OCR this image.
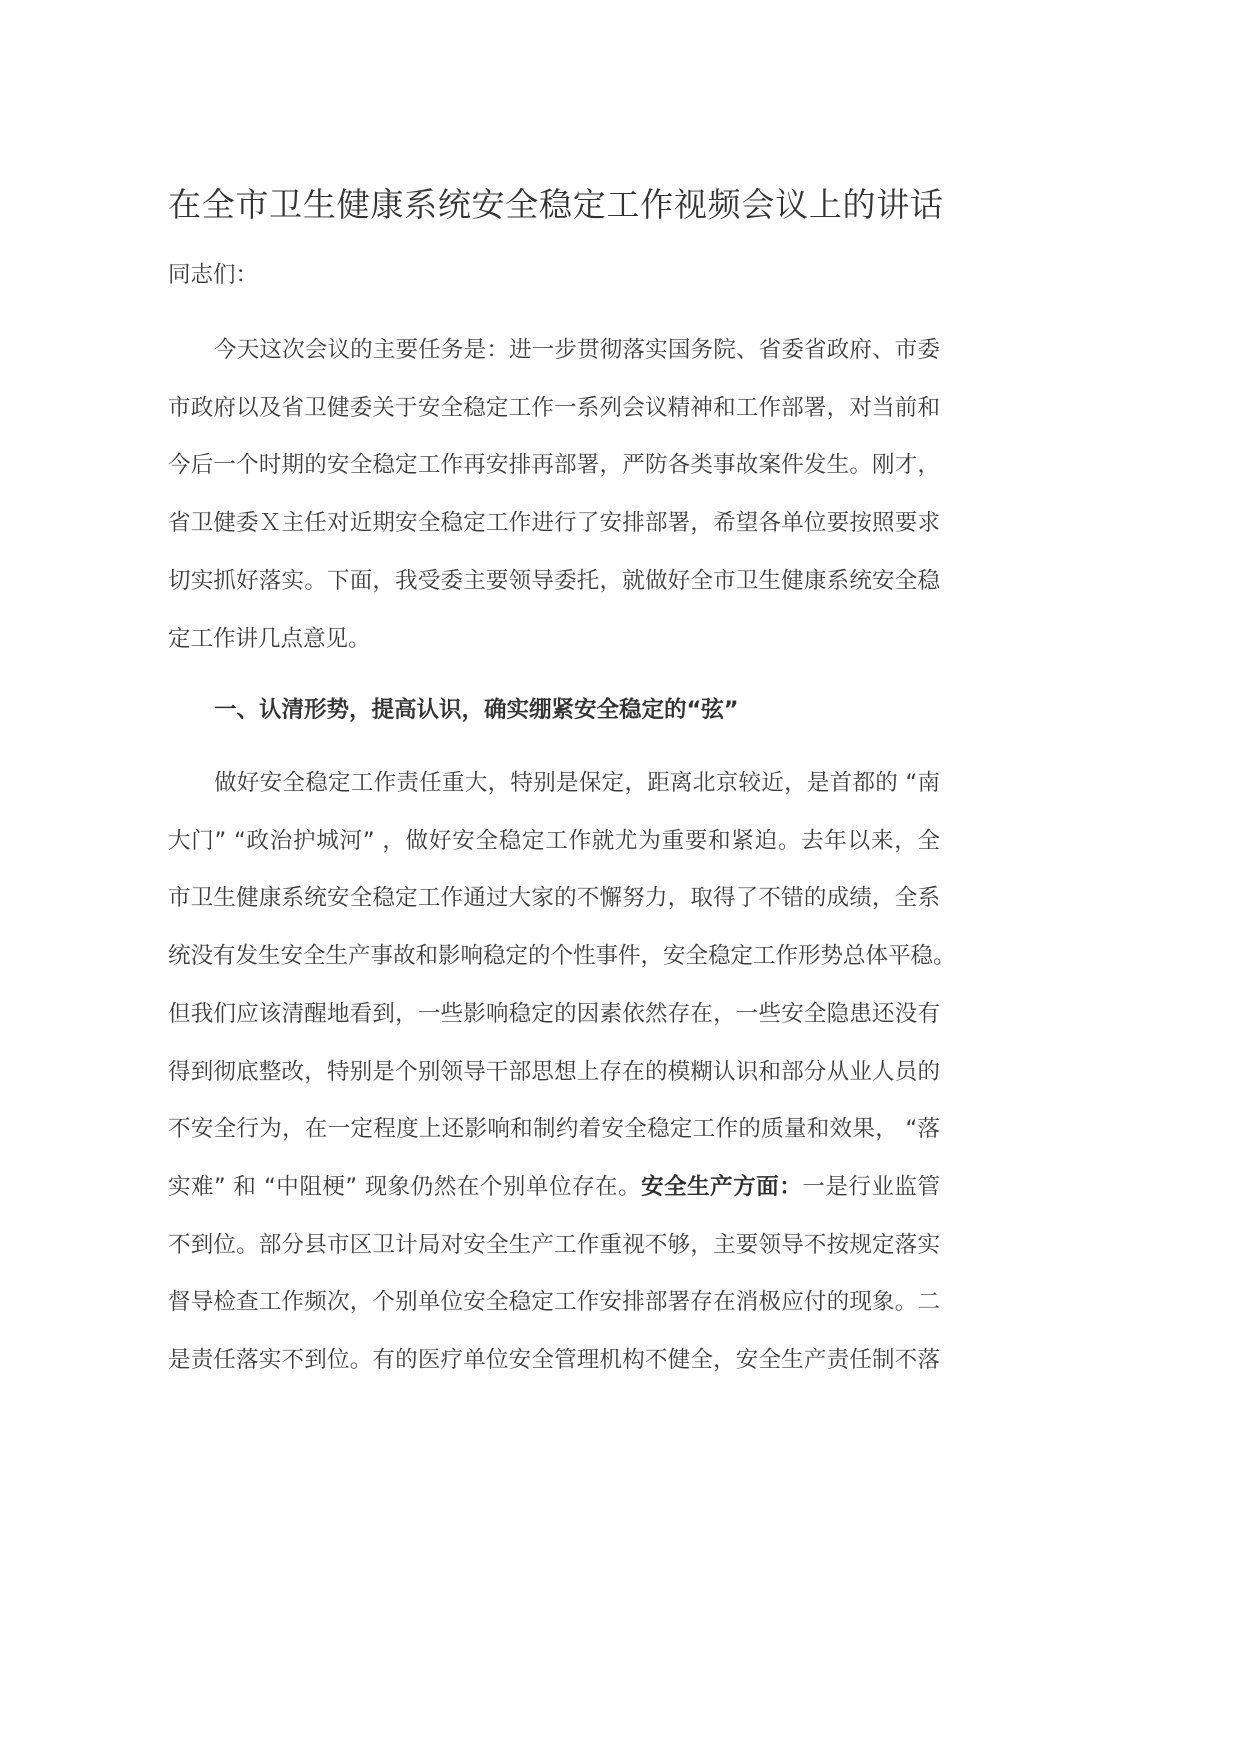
在全市卫生健康系统安全稳定工作视频会议上的讲话
同志们：
今天这次会议的主要任务是：进一步贯彻落实国务院、省委省政府、市委
市政府以及省卫健委关于安全稳定工作一系列会议精神和工作部署，对当前和
今后一个时期的安全稳定工作再安排再部署，严防各类事故案件发生。刚才，
省卫健委Ｘ主任对近期安全稳定工作进行了安排部署，希望各单位要按照要求
切实抓好落实。下面，我受委主要领导委托，就做好全市卫生健康系统安全稳
定工作讲几点意见。
一、认清形势，提高认识，确实绷紧安全稳定的“弦”
做好安全稳定工作责任重大，特别是保定，距离北京较近，是首都的 “南
大门” “政治护城河” ，做好安全稳定工作就尤为重要和紧迫。去年以来，全
市卫生健康系统安全稳定工作通过大家的不懈努力，取得了不错的成绩，全系
统没有发生安全生产事故和影响稳定的个性事件，安全稳定工作形势总体平稳。
但我们应该清醒地看到，一些影响稳定的因素依然存在，一些安全隐患还没有
得到彻底整改，特别是个别领导干部思想上存在的模糊认识和部分从业人员的
不安全行为，在一定程度上还影响和制约着安全稳定工作的质量和效果， “落
实难” 和 “中阻梗” 现象仍然在个别单位存在。安全生产方面：一是行业监管
不到位。部分县市区卫计局对安全生产工作重视不够，主要领导不按规定落实
督导检查工作频次，个别单位安全稳定工作安排部署存在消极应付的现象。二
是责任落实不到位。有的医疗单位安全管理机构不健全，安全生产责任制不落
